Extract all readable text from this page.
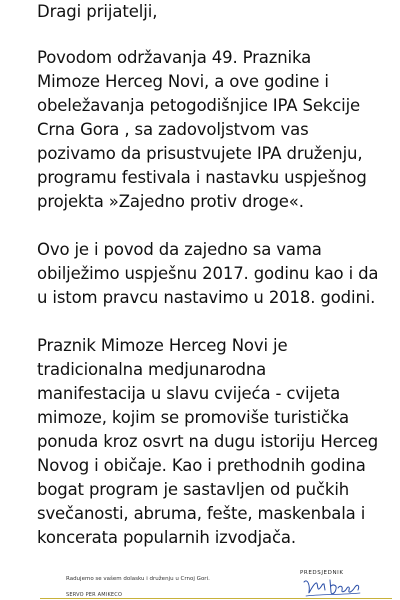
Dragi prijatelji,

Povodom održavanja 49. Praznika
Mimoze Herceg Novi, a ove godine i
obeležavanja petogodišnjice IPA Sekcije
Crna Gora , sa zadovoljstvom vas
pozivamo da prisustvujete IPA druženju,
programu festivala i nastavku uspješnog
projekta »Zajedno protiv droge«.

Ovo je i povod da zajedno sa vama
obilježimo uspješnu 2017. godinu kao i da
u istom pravcu nastavimo u 2018. godini.

Praznik Mimoze Herceg Novi je
tradicionalna medjunarodna
manifestacija u slavu cvijeća - cvijeta
mimoze, kojim se promoviše turistička
ponuda kroz osvrt na dugu istoriju Herceg
Novog i običaje. Kao i prethodnih godina
bogat program je sastavljen od pučkih
svečanosti, abruma, fešte, maskenbala i
koncerata popularnih izvodjača.

Radujemo se vašem dolasku i druženju u Crnoj Gori.
SERVO PER AMIKECO
PREDSJEDNIK
